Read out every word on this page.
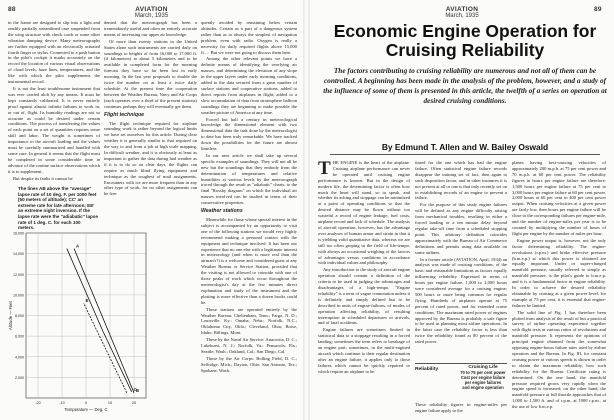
88	AVIATION
March, 1935

in the frame are designed to slip into a light and readily partially streamlined case suspended from the wing structure with check cords or some other vibration damping device. Many meteorographs are further equipped with an electrically actuated fourth finger or stylus. Connected to a push button in the pilot's cockpit it marks accurately on the record the location of various visual observations of cloud levels, haze lines, temperatures, and the like with which the pilot supplements the instrumental record.

It is not the least troublesome instrument that was ever carried aloft by any means. It must be kept constantly calibrated. It is never entirely proof against almost infinite failures to work in, or out of, flight. Its humidity readings are not so accurate as could be desired under certain conditions. The process of transferring the values of each point on a set of quantities requires some skill and labor. The weight is sometimes of importance to the aircraft loading and the values must be carefully summarized and handled with some care. In general it seems that the flight must be completed in some considerable time in advance of the routine surface observations which it is to supplement.

But despite its faults it cannot be

The lines AB above the "average" lapse rate of 10 deg. F. per 1000 feet (50 meters of altitude); CC' an extreme rate for late afternoon; EE' an extreme night inversion. If the lapse rate were the "adiabatic" lapse rate of 1 deg. C. for each 100 meters.
2,000
4,000
6,000
8,000
10,000
12,000
14,000
16,000
-20	-10	0	10	20
Temperature — Deg. C
Altitude — Feet
A
B
C
E

denied that the meteorograph has been a tremendously useful and often an entirely accurate means of increasing our upper air knowledge.

Of more than twenty stations in the United States alone such instruments are carried daily on soundings to heights of from 16,000 to 17,000 ft. (if kilometers) to about 5 kilometers and to be available in completed form for the morning forecast they have so far been lost in early morning. In the last year proposals to double the twice the number on at least a twice daily schedule. At the present time the cooperation between the Weather Bureau, Navy and Air Corps (each operates over a third of the present stations) continues perhaps they will eventually get them.

Flight technique

The flight technique required for airplane sounding work is rather beyond the logical limits we have set ourselves for this article. During clear weather it is generally similar to that required on the way to and from a job at high scale mapping. In difficult weather, and it is obviously at least as important to gather the data during bad weather as if it is to do so on clear days, the flights can require as much blind flying equipment and technique as the roughest of mail assignments. Encounters with ice are more frequent than in any other type of work, for no other assignments can be free

quently avoided by remaining below certain altitudes. Certain as a part of a dangerous system rather than as to always the simplest of navigation problem, even with radio. Oxygen is really a necessity for daily required flights above 15,000 ft.… But we were not going to discuss them here.

Among the other relevant points we have a definite means of identifying the overlying air masses, and determining the elevation of any slope in the upper layers under early morning conditions, added to the data secured from a great number of surface stations and cooperative stations, added to direct reports from airplanes in flight, added to a slow accumulation of data from stratosphere balloon soundings they are beginning to make possible the weather picture of America at any time.

Forced but half a century in meteorological knowledge the dimensional element with two dimensional data the task done by the meteorologist to date has been truly remarkable. We have tracked down the possibilities for the future are almost limitless.

In our next article we shall take up several specific examples of soundings. They will not all be new but the soundings that they embody from the determination of temperatures and relative humidities at various levels by the meteorograph traced through the result as "adiabatic" charts, to the final "Rossby diagram" on which the individual air masses involved can be studied in terms of their conservative properties.

Weather stations

Meanwhile for those whose special interest in the subject is accompanied by an opportunity to visit one of the following stations we would very highly recommend making a personal contact with the equipment and technique involved. It has been our experience that no one else with a legitimate interest in meteorology (and when is more real than the airman's?) is a welcome and considered guest at any Weather Bureau or Service Station, provided that the visiting is not allowed to coincide with one of those peaks of work which occur throughout the meteorologist's day at the few minutes direct explanation and study of the instrument and the plotting is more effective than a dozen books could be.

These stations are operated entirely by the Weather Bureau: Cheltenham, Tenn.; Fargo, N. D.; Louisville, Ky.; Omaha, Nebr.; Norfolk, N.C.; Oklahoma City, Okla.; Cleveland, Ohio; Boise, Idaho; Billings, Mont.

These by the Naval Air Service: Anacostia, D. C.; Lakehurst, N. J.; Norfolk, Va.; Pensacola, Fla.; Seattle, Wash.; Oakland, Cal.; San Diego, Cal.

Those by the Air Corps: Bolling Field, D. C.; Selfridge, Mich.; Dayton, Ohio; San Antonio, Tex.; Spokane, Wash.

AVIATION
March, 1935
89
Economic Engine Operation for Cruising Reliability
The factors contributing to cruising reliability are numerous and not all of them can be controlled. A beginning has been made in the analysis of the problem, however, and a study of the influence of some of them is presented in this article, the twelfth of a series on operation at desired cruising conditions.
By Edmund T. Allen and W. Bailey Oswald

THE ENGINE is the heart of the airplane. Cruising airplane performance can never be operated until cruising engine performance is known. But in the design of modern life, the determining factor is often how much the heart will stand, so to speak, and whether its aching and stoppage can be minimized at a point of operating conditions so that the desired distance may be flown without too wasteful a record of engine leakage, fuel costs, airplane record and lack of schedule. The analysis of aircraft operation, however, has the advantage over analyses of human armor and strain in that it is yielding valid quantitative data, whereas we are still too often groping in the field of life-tempo, with always an occasional weighing of the factors of advantages versus conditions in accordance with individual values and philosophy.

Any introduction to the study of aircraft engine operation should contain a definition of the criteria to be used in judging the advantages and disadvantages of a high-tempo. "Engine reliability" is a term of vague connotation unless it is definitely and simply defined but to be described in units of engine-failures, of modes of operation affecting reliability, of resulting interruption in scheduled departures or arrivals, and of fatal accidents.

Engine failures are sometimes limited in statistical data to a stoppage resulting in a forced landing; sometimes the term refers to breakage of an engine part; sometimes, in the multi-engined aircraft which continue to their regular destination after an engine failure, it applies only to those failures which cannot be quickly repaired or which require an airplane to be

timed for the one which has had the engine failure. Often statistical engine failure records disappear the training set of fact, then again to such disposition factor, and in other instances it is not present at all or one is that only recently set on to establishing records of an engine to prevent a failure.

For the purpose of this study engine failures will be defined as any engine difficulty arising from mechanical troubles, resulting in either a forced landing or a ten minute delay beyond regular take-off time from a scheduled stopping point. This arbitrary definition coincides approximately with the Bureau of Air Commerce definitions and permits using data available on some airlines.

In a former article (AVIATION, April, 1934) an analysis was made of cruising conditions, of the basic and reasonable limitations as factors equally influencing reliability. Expressed in terms of hours per engine failure, 1,000 to 2,000 hours were considered average for a cruising engine; 500 hours or more being common for regular flying. Hundreds of airplanes operate at 75 percent of rated power, and for extended cruise conditions. The maximum rated power of engines approved by the Bureau is probably a safe figure to be used in planning most airline operations. In the latter case the reliability factor is less than twice the reliability found at 80 percent of the rated power.

Reliability	Cruising Life
70 to 75 per cent power
Cost per engine failure
per engine failures
and engine operation

These reliability figures in engine-miles per engine failure apply to the

planes having best-cruising velocities of approximately 200 m.p.h. at 75 per cent power and 70 m.p.h. at 60 per cent power. The reliability figures in hours per engine failure are therefore: 1,500 hours per engine failure at 75 per cent to 3,000 hours per engine failure at 60 per cent power, 2,000 hours at 60 per cent to 400 per cent power output. When cruising velocities at a given power are fairly low, then hours per engine failure will be close to the corresponding failures per engine-mile, and the number of engine-miles per year is to be counted by multiplying the number of hours of flight per engine by the number of miles per hour.

Engine power output is, however, not the only factor determining reliability. The engine-revolutions (r.p.m.) and brake effective pressure (b.m.e.p.) at which this power is obtained are equally important. Under or super-charged manifold pressure, usually referred to simply as manifold pressure, is the pilot's guide to b.m.e.p. and it is a fundamental factor in engine reliability. In order to achieve the desired reliability obtainable by cruising at a given power level, for example at 75 per cent, it is essential that engine-failures be limited.

The solid line of Fig. 1 has therefore been plotted from analysis of the result of but a practical survey of airline operating experience together with flight tests at various ratios of revolutions and manifold pressure. It represents the opinions of principal engine obtained from the somewhat opposing engine-hours failure rates used by airline operators and the Bureau. In Fig. III, for constant cruising power at various speeds is shown in order to obtain the maximum reliability, how such reliability for the Bureau Certificate rating is determined. On the one hand, the manifold pressure required grows very rapidly when the engine speed is increased, on the other hand, the manifold pressure at full throttle approaches that of 1,000 to 1,500 ft. and of r.p.m. at 1900 r.p.m., at the use of low b.m.e.p.
